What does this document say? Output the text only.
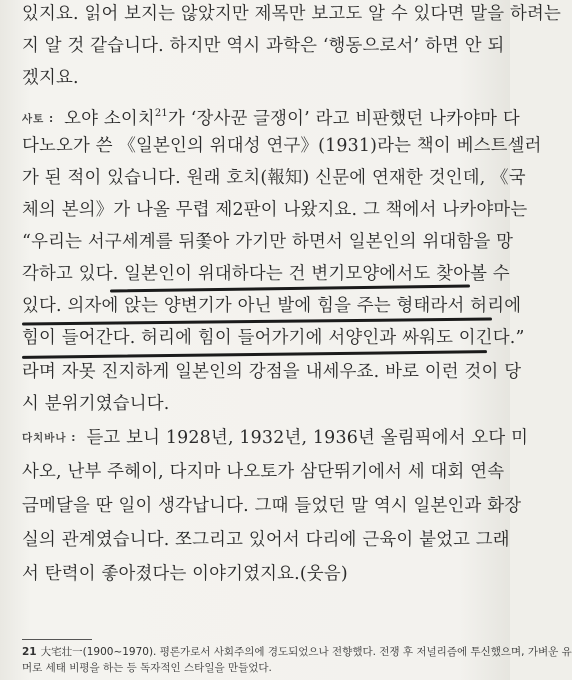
있지요. 읽어 보지는 않았지만 제목만 보고도 알 수 있다면 말을 하려는
지 알 것 같습니다. 하지만 역시 과학은 ‘행동으로서’ 하면 안 되
겠지요.
사토 : 오야 소이치$^{21}$가 ‘장사꾼 글쟁이’ 라고 비판했던 나카야마 다
다노오가 쓴 《일본인의 위대성 연구》(1931)라는 책이 베스트셀러
가 된 적이 있습니다. 원래 호치(報知) 신문에 연재한 것인데, 《국
체의 본의》가 나올 무렵 제2판이 나왔지요. 그 책에서 나카야마는
“우리는 서구세계를 뒤쫓아 가기만 하면서 일본인의 위대함을 망
각하고 있다. 일본인이 위대하다는 건 변기모양에서도 찾아볼 수
있다. 의자에 앉는 양변기가 아닌 발에 힘을 주는 형태라서 허리에
힘이 들어간다. 허리에 힘이 들어가기에 서양인과 싸워도 이긴다.”
라며 자못 진지하게 일본인의 강점을 내세우죠. 바로 이런 것이 당
시 분위기였습니다.
다치바나 : 듣고 보니 1928년, 1932년, 1936년 올림픽에서 오다 미
사오, 난부 주헤이, 다지마 나오토가 삼단뛰기에서 세 대회 연속
금메달을 딴 일이 생각납니다. 그때 들었던 말 역시 일본인과 화장
실의 관계였습니다. 쪼그리고 있어서 다리에 근육이 붙었고 그래
서 탄력이 좋아졌다는 이야기였지요.(웃음)
21 大宅壮一(1900~1970). 평론가로서 사회주의에 경도되었으나 전향했다. 전쟁 후 저널리즘에 투신했으며, 가벼운 유
머로 세태 비평을 하는 등 독자적인 스타일을 만들었다.
